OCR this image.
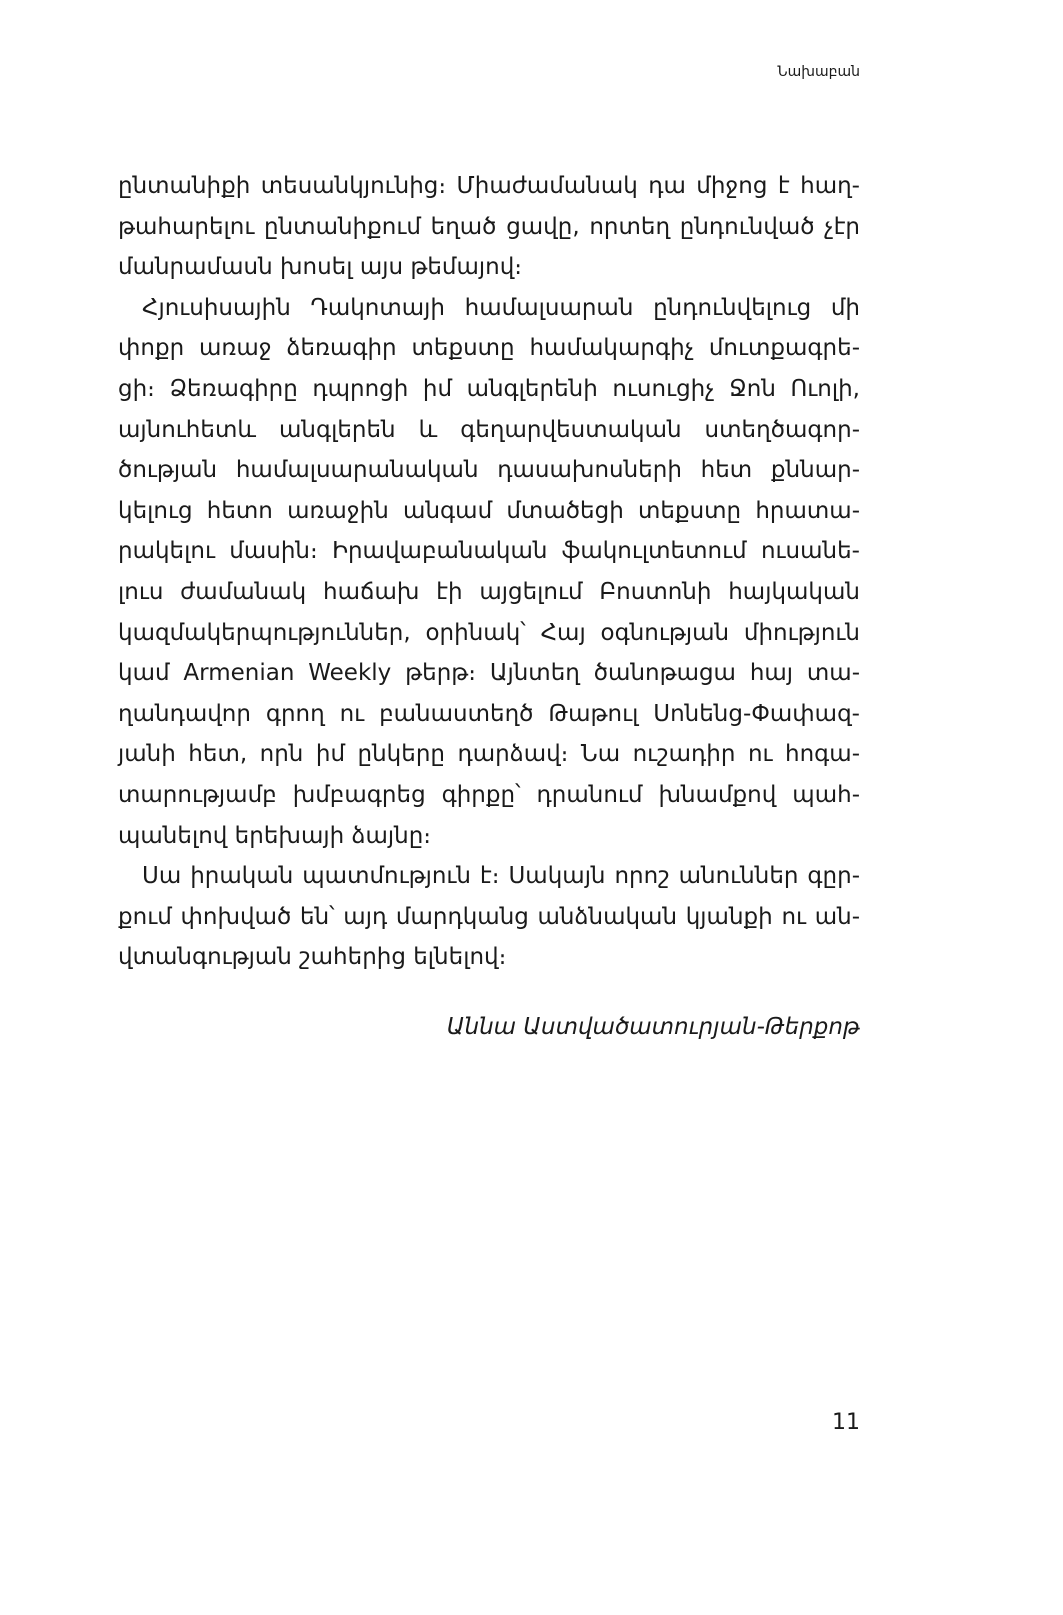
Նախաբան
ընտանիքի տեսանկյունից։ Միաժամանակ դա միջոց է հաղ-
թահարելու ընտանիքում եղած ցավը, որտեղ ընդունված չէր
մանրամասն խոսել այս թեմայով։
Հյուսիսային Դակոտայի համալսարան ընդունվելուց մի
փոքր առաջ ձեռագիր տեքստը համակարգիչ մուտքագրե-
ցի։ Ձեռագիրը դպրոցի իմ անգլերենի ուսուցիչ Ջոն Ուոլի,
այնուհետև անգլերեն և գեղարվեստական ստեղծագոր-
ծության համալսարանական դասախոսների հետ քննար-
կելուց հետո առաջին անգամ մտածեցի տեքստը հրատա-
րակելու մասին։ Իրավաբանական ֆակուլտետում ուսանե-
լուս ժամանակ հաճախ էի այցելում Բոստոնի հայկական
կազմակերպություններ, օրինակ՝ Հայ օգնության միություն
կամ Armenian Weekly թերթ։ Այնտեղ ծանոթացա հայ տա-
ղանդավոր գրող ու բանաստեղծ Թաթուլ Սոնենց-Փափազ-
յանի հետ, որն իմ ընկերը դարձավ։ Նա ուշադիր ու հոգա-
տարությամբ խմբագրեց գիրքը՝ դրանում խնամքով պահ-
պանելով երեխայի ձայնը։
Սա իրական պատմություն է։ Սակայն որոշ անուններ գըր-
քում փոխված են՝ այդ մարդկանց անձնական կյանքի ու ան-
վտանգության շահերից ելնելով։
Աննա Աստվածատուրյան-Թերքոթ
11
